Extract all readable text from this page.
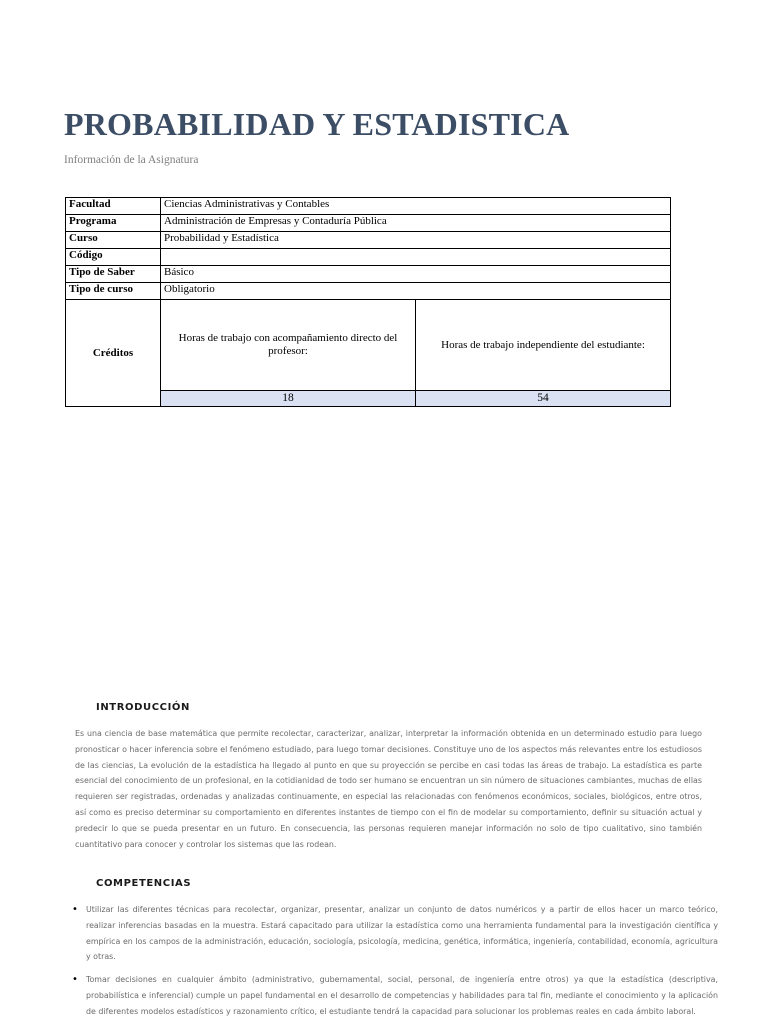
PROBABILIDAD Y ESTADISTICA
Información de la Asignatura
Facultad	Ciencias Administrativas y Contables	
Programa	Administración de Empresas y Contaduría Pública	
Curso	Probabilidad y Estadística	
Código		
Tipo de Saber	Básico	
Tipo de curso	Obligatorio	
Créditos	Horas de trabajo con acompañamiento directo del profesor:	Horas de trabajo independiente del estudiante:
	18	54
INTRODUCCIÓN

Es una ciencia de base matemática que permite recolectar, caracterizar, analizar, interpretar la información obtenida en un determinado estudio para luego pronosticar o hacer inferencia sobre el fenómeno estudiado, para luego tomar decisiones. Constituye uno de los aspectos más relevantes entre los estudiosos de las ciencias, La evolución de la estadística ha llegado al punto en que su proyección se percibe en casi todas las áreas de trabajo. La estadística es parte esencial del conocimiento de un profesional, en la cotidianidad de todo ser humano se encuentran un sin número de situaciones cambiantes, muchas de ellas requieren ser registradas, ordenadas y analizadas continuamente, en especial las relacionadas con fenómenos económicos, sociales, biológicos, entre otros, así como es preciso determinar su comportamiento en diferentes instantes de tiempo con el fin de modelar su comportamiento, definir su situación actual y predecir lo que se pueda presentar en un futuro. En consecuencia, las personas requieren manejar información no solo de tipo cualitativo, sino también cuantitativo para conocer y controlar los sistemas que las rodean.

COMPETENCIAS
• Utilizar las diferentes técnicas para recolectar, organizar, presentar, analizar un conjunto de datos numéricos y a partir de ellos hacer un marco teórico, realizar inferencias basadas en la muestra. Estará capacitado para utilizar la estadística como una herramienta fundamental para la investigación científica y empírica en los campos de la administración, educación, sociología, psicología, medicina, genética, informática, ingeniería, contabilidad, economía, agricultura y otras.
• Tomar decisiones en cualquier ámbito (administrativo, gubernamental, social, personal, de ingeniería entre otros) ya que la estadística (descriptiva, probabilística e inferencial) cumple un papel fundamental en el desarrollo de competencias y habilidades para tal fin, mediante el conocimiento y la aplicación de diferentes modelos estadísticos y razonamiento crítico, el estudiante tendrá la capacidad para solucionar los problemas reales en cada ámbito laboral.
